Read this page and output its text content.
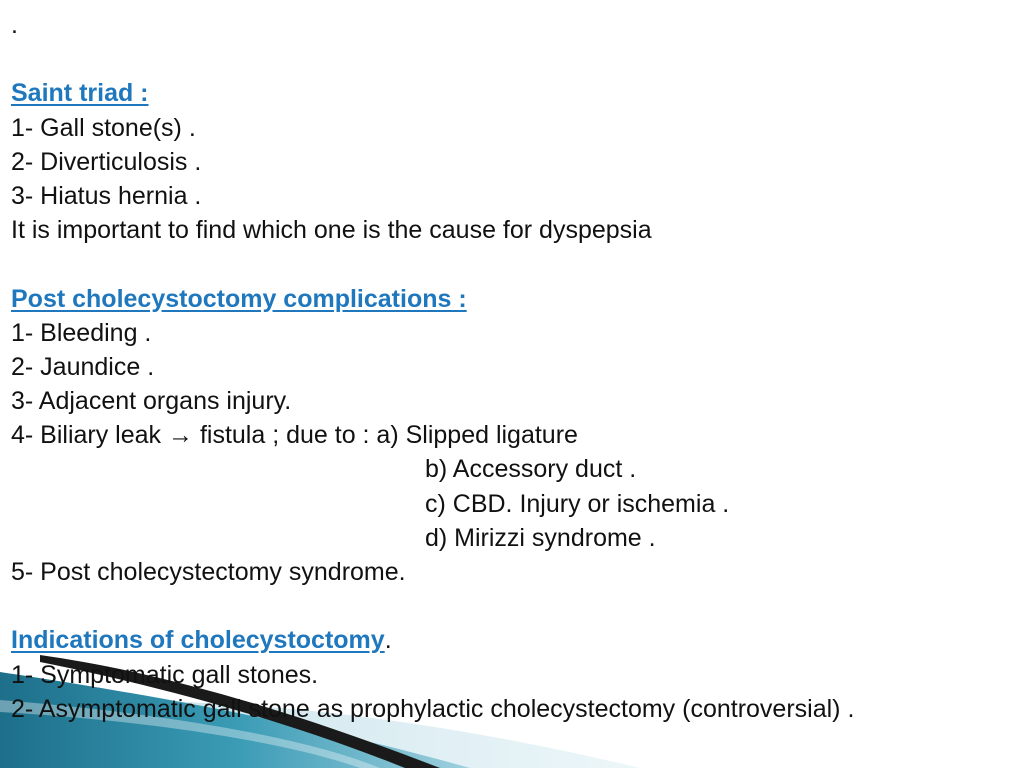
.
Saint triad :
1- Gall stone(s) .
2- Diverticulosis .
3- Hiatus hernia .
It is important to find which one is the cause for dyspepsia
Post cholecystoctomy complications :
1- Bleeding .
2- Jaundice .
3- Adjacent organs injury.
4- Biliary leak → fistula ; due to : a) Slipped ligature
b) Accessory duct .
c) CBD. Injury or ischemia .
d) Mirizzi syndrome .
5- Post cholecystectomy syndrome.
Indications of cholecystoctomy.
1- Symptomatic gall stones.
2- Asymptomatic gall stone as prophylactic cholecystectomy (controversial) .
